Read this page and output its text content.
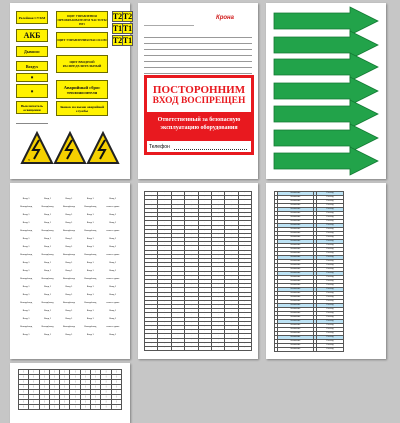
Релейная СУКМ	ЩИТ УПРАВЛЕНИЯ ПРЕОБРАЗОВАТЕЛЕМ ЧАСТОТЫ НР1
АКБ	ЩИТ УПРАВЛЕНИЯ НАСОСОМ
Дымосос
Воздух
ЩИТ ВВОДНОЙ РАСПРЕДЕЛИТЕЛЬНЫЙ
▣
▣
Аварийный сброс теплоносителя
Выключатель освещения
Звонок на вызов аварийной службы
T2 T2
T1 T1
T2 T1
≈
Крона
ПОСТОРОННИМ
ВХОД ВОСПРЕЩЕН
Ответственный за безопасную
эксплуатацию оборудования
Телефон
Вход 1	Вход 1	Вход 1	Вход 1	Вход 1
Выход/вход	Выход/вход	Выход/вход	Выход/вход	точка в доме
Вход 1	Вход 1	Вход 1	Вход 1	Вход 1
Вход 1	Вход 1	Вход 1	Вход 1	Вход 1
Выход/вход	Выход/вход	Выход/вход	Выход/вход	точка в доме
Вход 1	Вход 1	Вход 1	Вход 1	Вход 1
Вход 1	Вход 1	Вход 1	Вход 1	Вход 1
Выход/вход	Выход/вход	Выход/вход	Выход/вход	точка в доме
Вход 1	Вход 1	Вход 1	Вход 1	Вход 1
Вход 1	Вход 1	Вход 1	Вход 1	Вход 1
Выход/вход	Выход/вход	Выход/вход	Выход/вход	точка в доме
Вход 1	Вход 1	Вход 1	Вход 1	Вход 1
Вход 1	Вход 1	Вход 1	Вход 1	Вход 1
Выход/вход	Выход/вход	Выход/вход	Выход/вход	точка в доме
Вход 1	Вход 1	Вход 1	Вход 1	Вход 1
Вход 1	Вход 1	Вход 1	Вход 1	Вход 1
Выход/вход	Выход/вход	Выход/вход	Выход/вход	точка в доме
Вход 1	Вход 1	Вход 1	Вход 1	Вход 1
·	·	·	·	·	·	·	·
·	·	·	·	·	·	·	·
·	·	·	·	·	·	·	·
·	·	·	·	·	·	·	·
·	·	·	·	·	·	·	·
·	·	·	·	·	·	·	·
·	·	·	·	·	·	·	·
·	·	·	·	·	·	·	·
·	·	·	·	·	·	·	·
·	·	·	·	·	·	·	·
·	·	·	·	·	·	·	·
·	·	·	·	·	·	·	·
·	·	·	·	·	·	·	·
·	·	·	·	·	·	·	·
·	·	·	·	·	·	·	·
·	·	·	·	·	·	·	·
·	·	·	·	·	·	·	·
·	·	·	·	·	·	·	·
·	·	·	·	·	·	·	·
·	·	·	·	·	·	·	·
·	·	·	·	·	·	·	·
·	·	·	·	·	·	·	·
·	·	·	·	·	·	·	·
·	·	·	·	·	·	·	·
·	·	·	·	·	·	·	·
·	·	·	·	·	·	·	·
·	·	·	·	·	·	·	·
·	·	·	·	·	·	·	·
·	·	·	·	·	·	·	·
·	·	·	·	·	·	·	·
·	·	·	·	·	·	·	·
·	·	·	·	·	·	·	·
·	·	·	·	·	·	·	·
·	·	·	·	·	·	·	·
·	·	·	·	·	·	·	·
·	·	·	·	·	·	·	·
·	·	·	·	·	·	·	·
·	·	·	·	·	·	·	·
	Название		Расход
	Название		Расход
	Название		Расход
	Название		Расход
	Название		Расход
	Название		Расход
	Название		Расход
	Название		Расход
	Название		Расход
	Название		Расход
	Название		Расход
	Название		Расход
	Название		Расход
	Название		Расход
	Название		Расход
	Название		Расход
	Название		Расход
	Название		Расход
	Название		Расход
	Название		Расход
	Название		Расход
	Название		Расход
	Название		Расход
	Название		Расход
	Название		Расход
	Название		Расход
	Название		Расход
	Название		Расход
	Название		Расход
	Название		Расход
	Название		Расход
	Название		Расход
	Название		Расход
	Название		Расход
	Название		Расход
	Название		Расход
	Название		Расход
	Название		Расход
	Название		Расход
	Название		Расход
|	|	|	|	|	|	|	|	|	|
|	|	|	|	|	|	|	|	|	|
|	|	|	|	|	|	|	|	|	|
|	|	|	|	|	|	|	|	|	|
|	|	|	|	|	|	|	|	|	|
|	|	|	|	|	|	|	|	|	|
|	|	|	|	|	|	|	|	|	|
|	|	|	|	|	|	|	|	|	|
